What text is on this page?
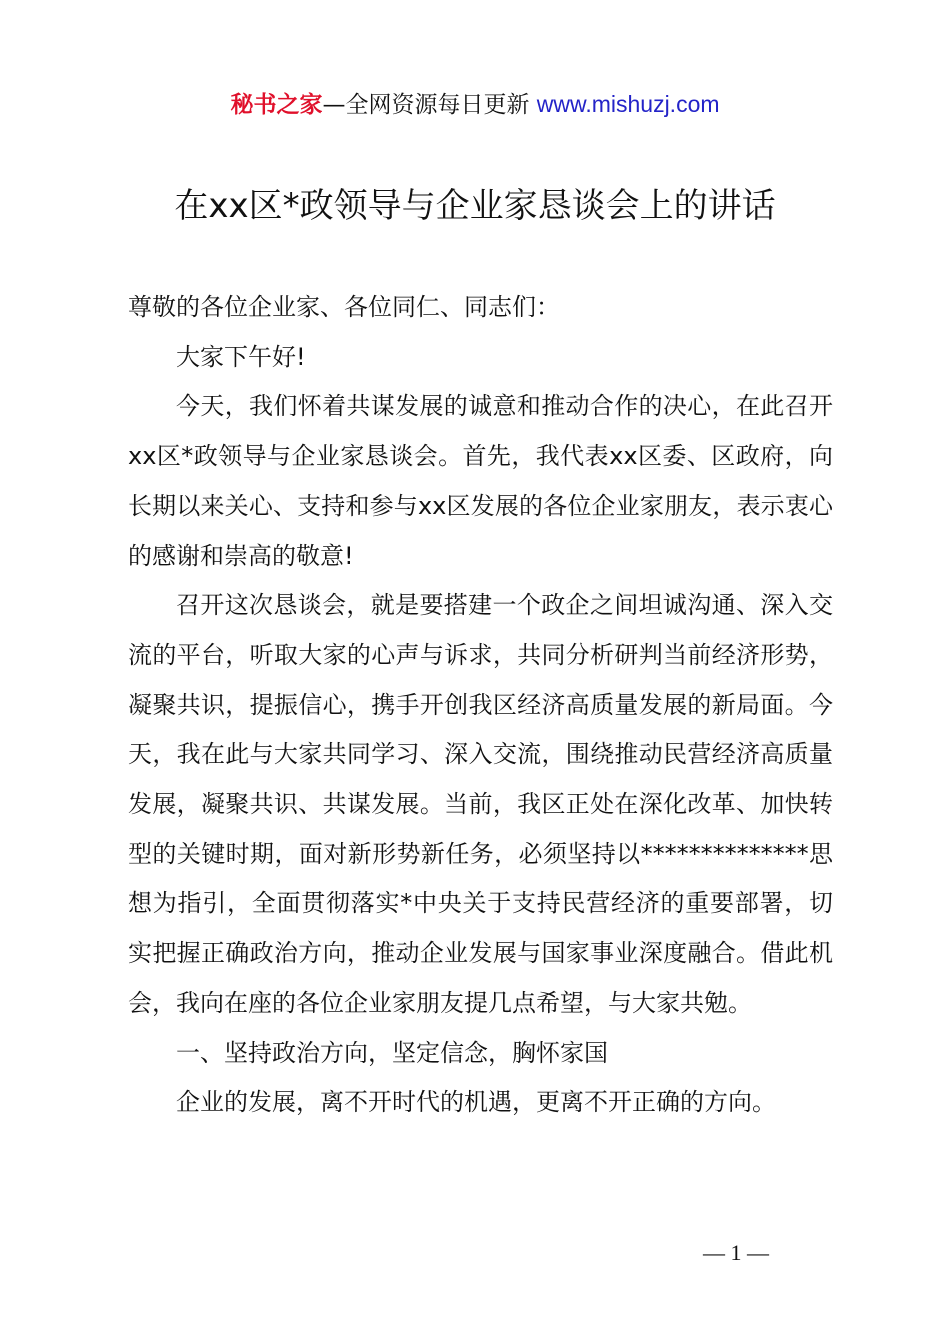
秘书之家—全网资源每日更新 www.mishuzj.com
在xx区*政领导与企业家恳谈会上的讲话

尊敬的各位企业家、各位同仁、同志们：

大家下午好!

今天，我们怀着共谋发展的诚意和推动合作的决心，在此召开xx区*政领导与企业家恳谈会。首先，我代表xx区委、区政府，向长期以来关心、支持和参与xx区发展的各位企业家朋友，表示衷心的感谢和崇高的敬意!

召开这次恳谈会，就是要搭建一个政企之间坦诚沟通、深入交流的平台，听取大家的心声与诉求，共同分析研判当前经济形势，凝聚共识，提振信心，携手开创我区经济高质量发展的新局面。今天，我在此与大家共同学习、深入交流，围绕推动民营经济高质量发展，凝聚共识、共谋发展。当前，我区正处在深化改革、加快转型的关键时期，面对新形势新任务，必须坚持以**************思想为指引，全面贯彻落实*中央关于支持民营经济的重要部署，切实把握正确政治方向，推动企业发展与国家事业深度融合。借此机会，我向在座的各位企业家朋友提几点希望，与大家共勉。

一、坚持政治方向，坚定信念，胸怀家国

企业的发展，离不开时代的机遇，更离不开正确的方向。

— 1 —
